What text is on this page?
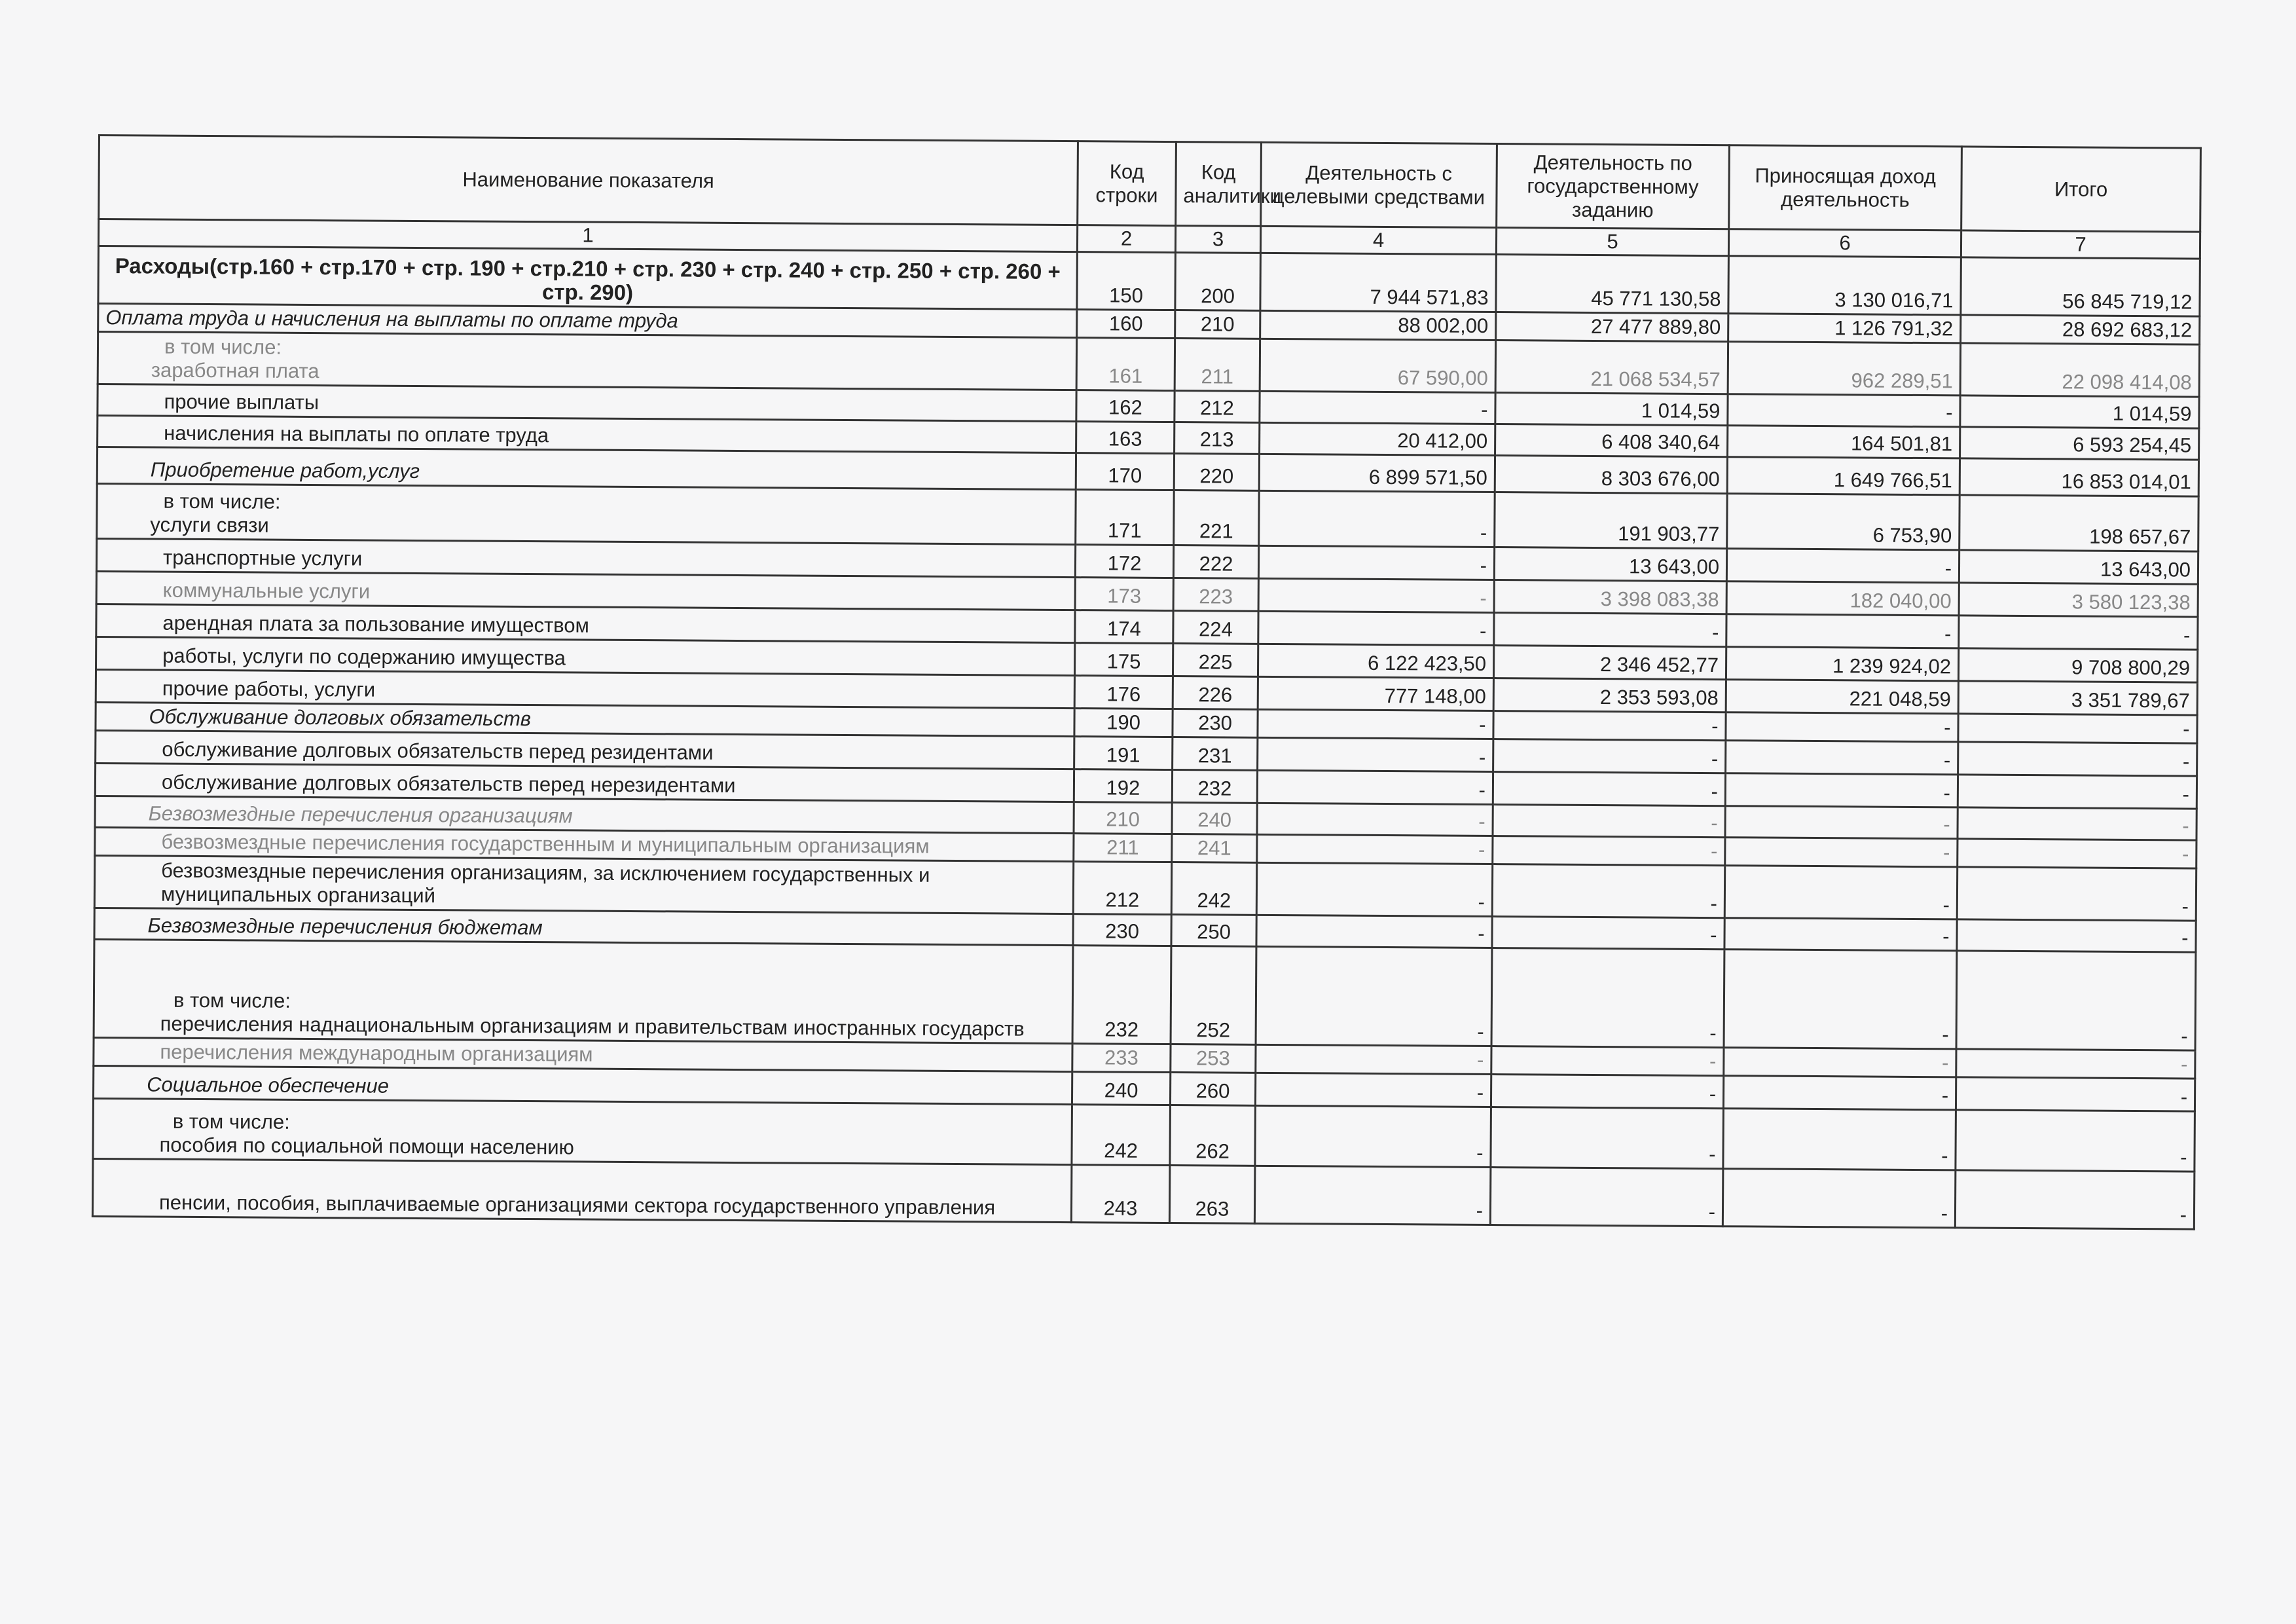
Наименование показателя	Код строки	Код аналитики	Деятельность с целевыми средствами	Деятельность по государственному заданию	Приносящая доход деятельность	Итого
1	2	3	4	5	6	7

Расходы(стр.160 + стр.170 + стр. 190 + стр.210 + стр. 230 + стр. 240 + стр. 250 + стр. 260 + стр. 290)	150	200	7 944 571,83	45 771 130,58	3 130 016,71	56 845 719,12

Оплата труда и начисления на выплаты по оплате труда	160	210	88 002,00	27 477 889,80	1 126 791,32	28 692 683,12

в том числе:
заработная плата	161	211	67 590,00	21 068 534,57	962 289,51	22 098 414,08

прочие выплаты	162	212	-	1 014,59	-	1 014,59

начисления на выплаты по оплате труда	163	213	20 412,00	6 408 340,64	164 501,81	6 593 254,45

Приобретение работ,услуг	170	220	6 899 571,50	8 303 676,00	1 649 766,51	16 853 014,01

в том числе:
услуги связи	171	221	-	191 903,77	6 753,90	198 657,67

транспортные услуги	172	222	-	13 643,00	-	13 643,00

коммунальные услуги	173	223	-	3 398 083,38	182 040,00	3 580 123,38

арендная плата за пользование имуществом	174	224	-	-	-	-

работы, услуги по содержанию имущества	175	225	6 122 423,50	2 346 452,77	1 239 924,02	9 708 800,29

прочие работы, услуги	176	226	777 148,00	2 353 593,08	221 048,59	3 351 789,67

Обслуживание долговых обязательств	190	230	-	-	-	-

обслуживание долговых обязательств перед резидентами	191	231	-	-	-	-

обслуживание долговых обязательств перед нерезидентами	192	232	-	-	-	-

Безвозмездные перечисления организациям	210	240	-	-	-	-

безвозмездные перечисления государственным и муниципальным организациям	211	241	-	-	-	-

безвозмездные перечисления организациям, за исключением государственных и муниципальных организаций	212	242	-	-	-	-

Безвозмездные перечисления бюджетам	230	250	-	-	-	-

в том числе:
перечисления наднациональным организациям и правительствам иностранных государств	232	252	-	-	-	-

перечисления международным организациям	233	253	-	-	-	-

Социальное обеспечение	240	260	-	-	-	-

в том числе:
пособия по социальной помощи населению	242	262	-	-	-	-

пенсии, пособия, выплачиваемые организациями сектора государственного управления	243	263	-	-	-	-
